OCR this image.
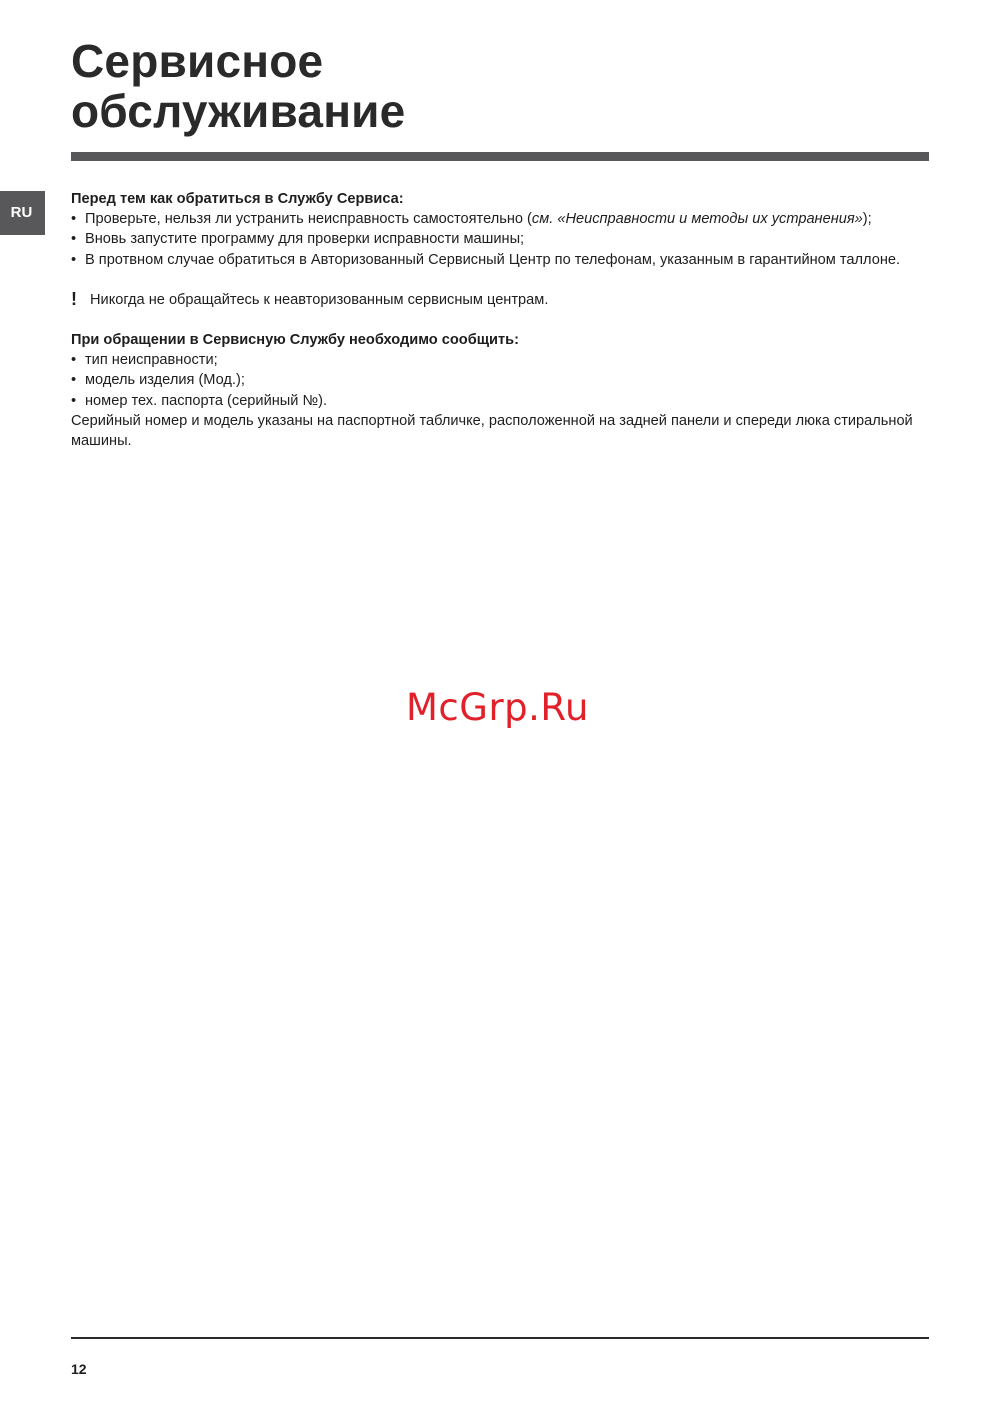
Сервисное
обслуживание
RU

Перед тем как обратиться в Службу Сервиса:

• Проверьте, нельзя ли устранить неисправность самостоятельно (см. «Неисправности и методы их устранения»);
• Вновь запустите программу для проверки исправности машины;
• В протвном случае обратиться в Авторизованный Сервисный Центр по телефонам, указанным в гарантийном таллоне.

! Никогда не обращайтесь к неавторизованным сервисным центрам.

При обращении в Сервисную Службу необходимо сообщить:

• тип неисправности;
• модель изделия (Мод.);
• номер тех. паспорта (серийный №).

Серийный номер и модель указаны на паспортной табличке, расположенной на задней панели и спереди люка стиральной машины.

McGrp.Ru
12
